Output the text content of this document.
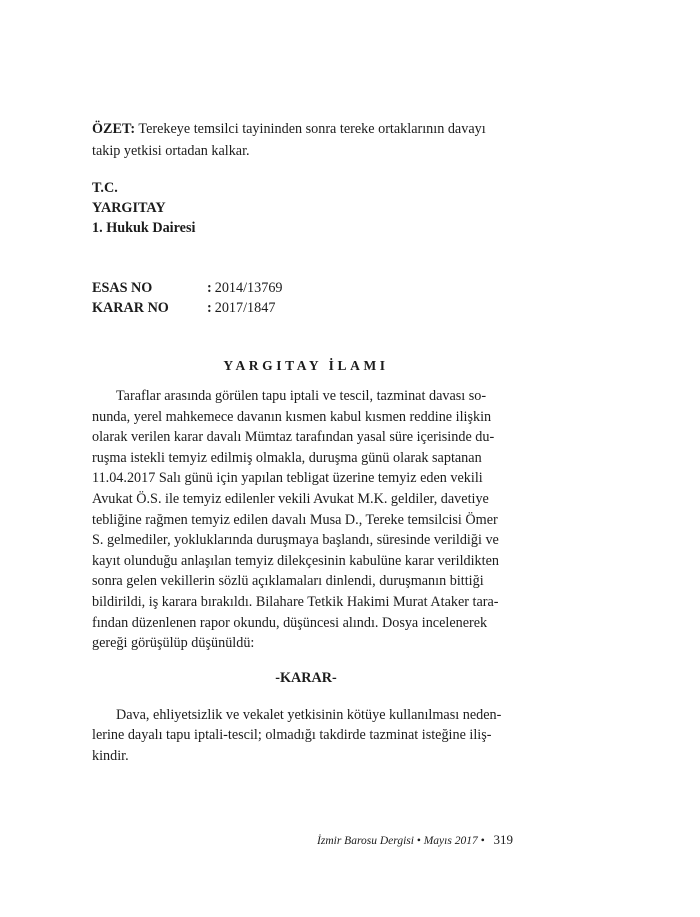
ÖZET: Terekeye temsilci tayininden sonra tereke ortaklarının davayı
takip yetkisi ortadan kalkar.

T.C.
YARGITAY
1. Hukuk Dairesi
ESAS NO	: 2014/13769
KARAR NO	: 2017/1847
YARGITAY İLAMI
Taraflar arasında görülen tapu iptali ve tescil, tazminat davası so-
nunda, yerel mahkemece davanın kısmen kabul kısmen reddine ilişkin
olarak verilen karar davalı Mümtaz tarafından yasal süre içerisinde du-
ruşma istekli temyiz edilmiş olmakla, duruşma günü olarak saptanan
11.04.2017 Salı günü için yapılan tebligat üzerine temyiz eden vekili
Avukat Ö.S. ile temyiz edilenler vekili Avukat M.K. geldiler, davetiye
tebliğine rağmen temyiz edilen davalı Musa D., Tereke temsilcisi Ömer
S. gelmediler, yokluklarında duruşmaya başlandı, süresinde verildiği ve
kayıt olunduğu anlaşılan temyiz dilekçesinin kabulüne karar verildikten
sonra gelen vekillerin sözlü açıklamaları dinlendi, duruşmanın bittiği
bildirildi, iş karara bırakıldı. Bilahare Tetkik Hakimi Murat Ataker tara-
fından düzenlenen rapor okundu, düşüncesi alındı. Dosya incelenerek
gereği görüşülüp düşünüldü:
-KARAR-
Dava, ehliyetsizlik ve vekalet yetkisinin kötüye kullanılması neden-
lerine dayalı tapu iptali-tescil; olmadığı takdirde tazminat isteğine iliş-
kindir.
İzmir Barosu Dergisi • Mayıs 2017 • 319
